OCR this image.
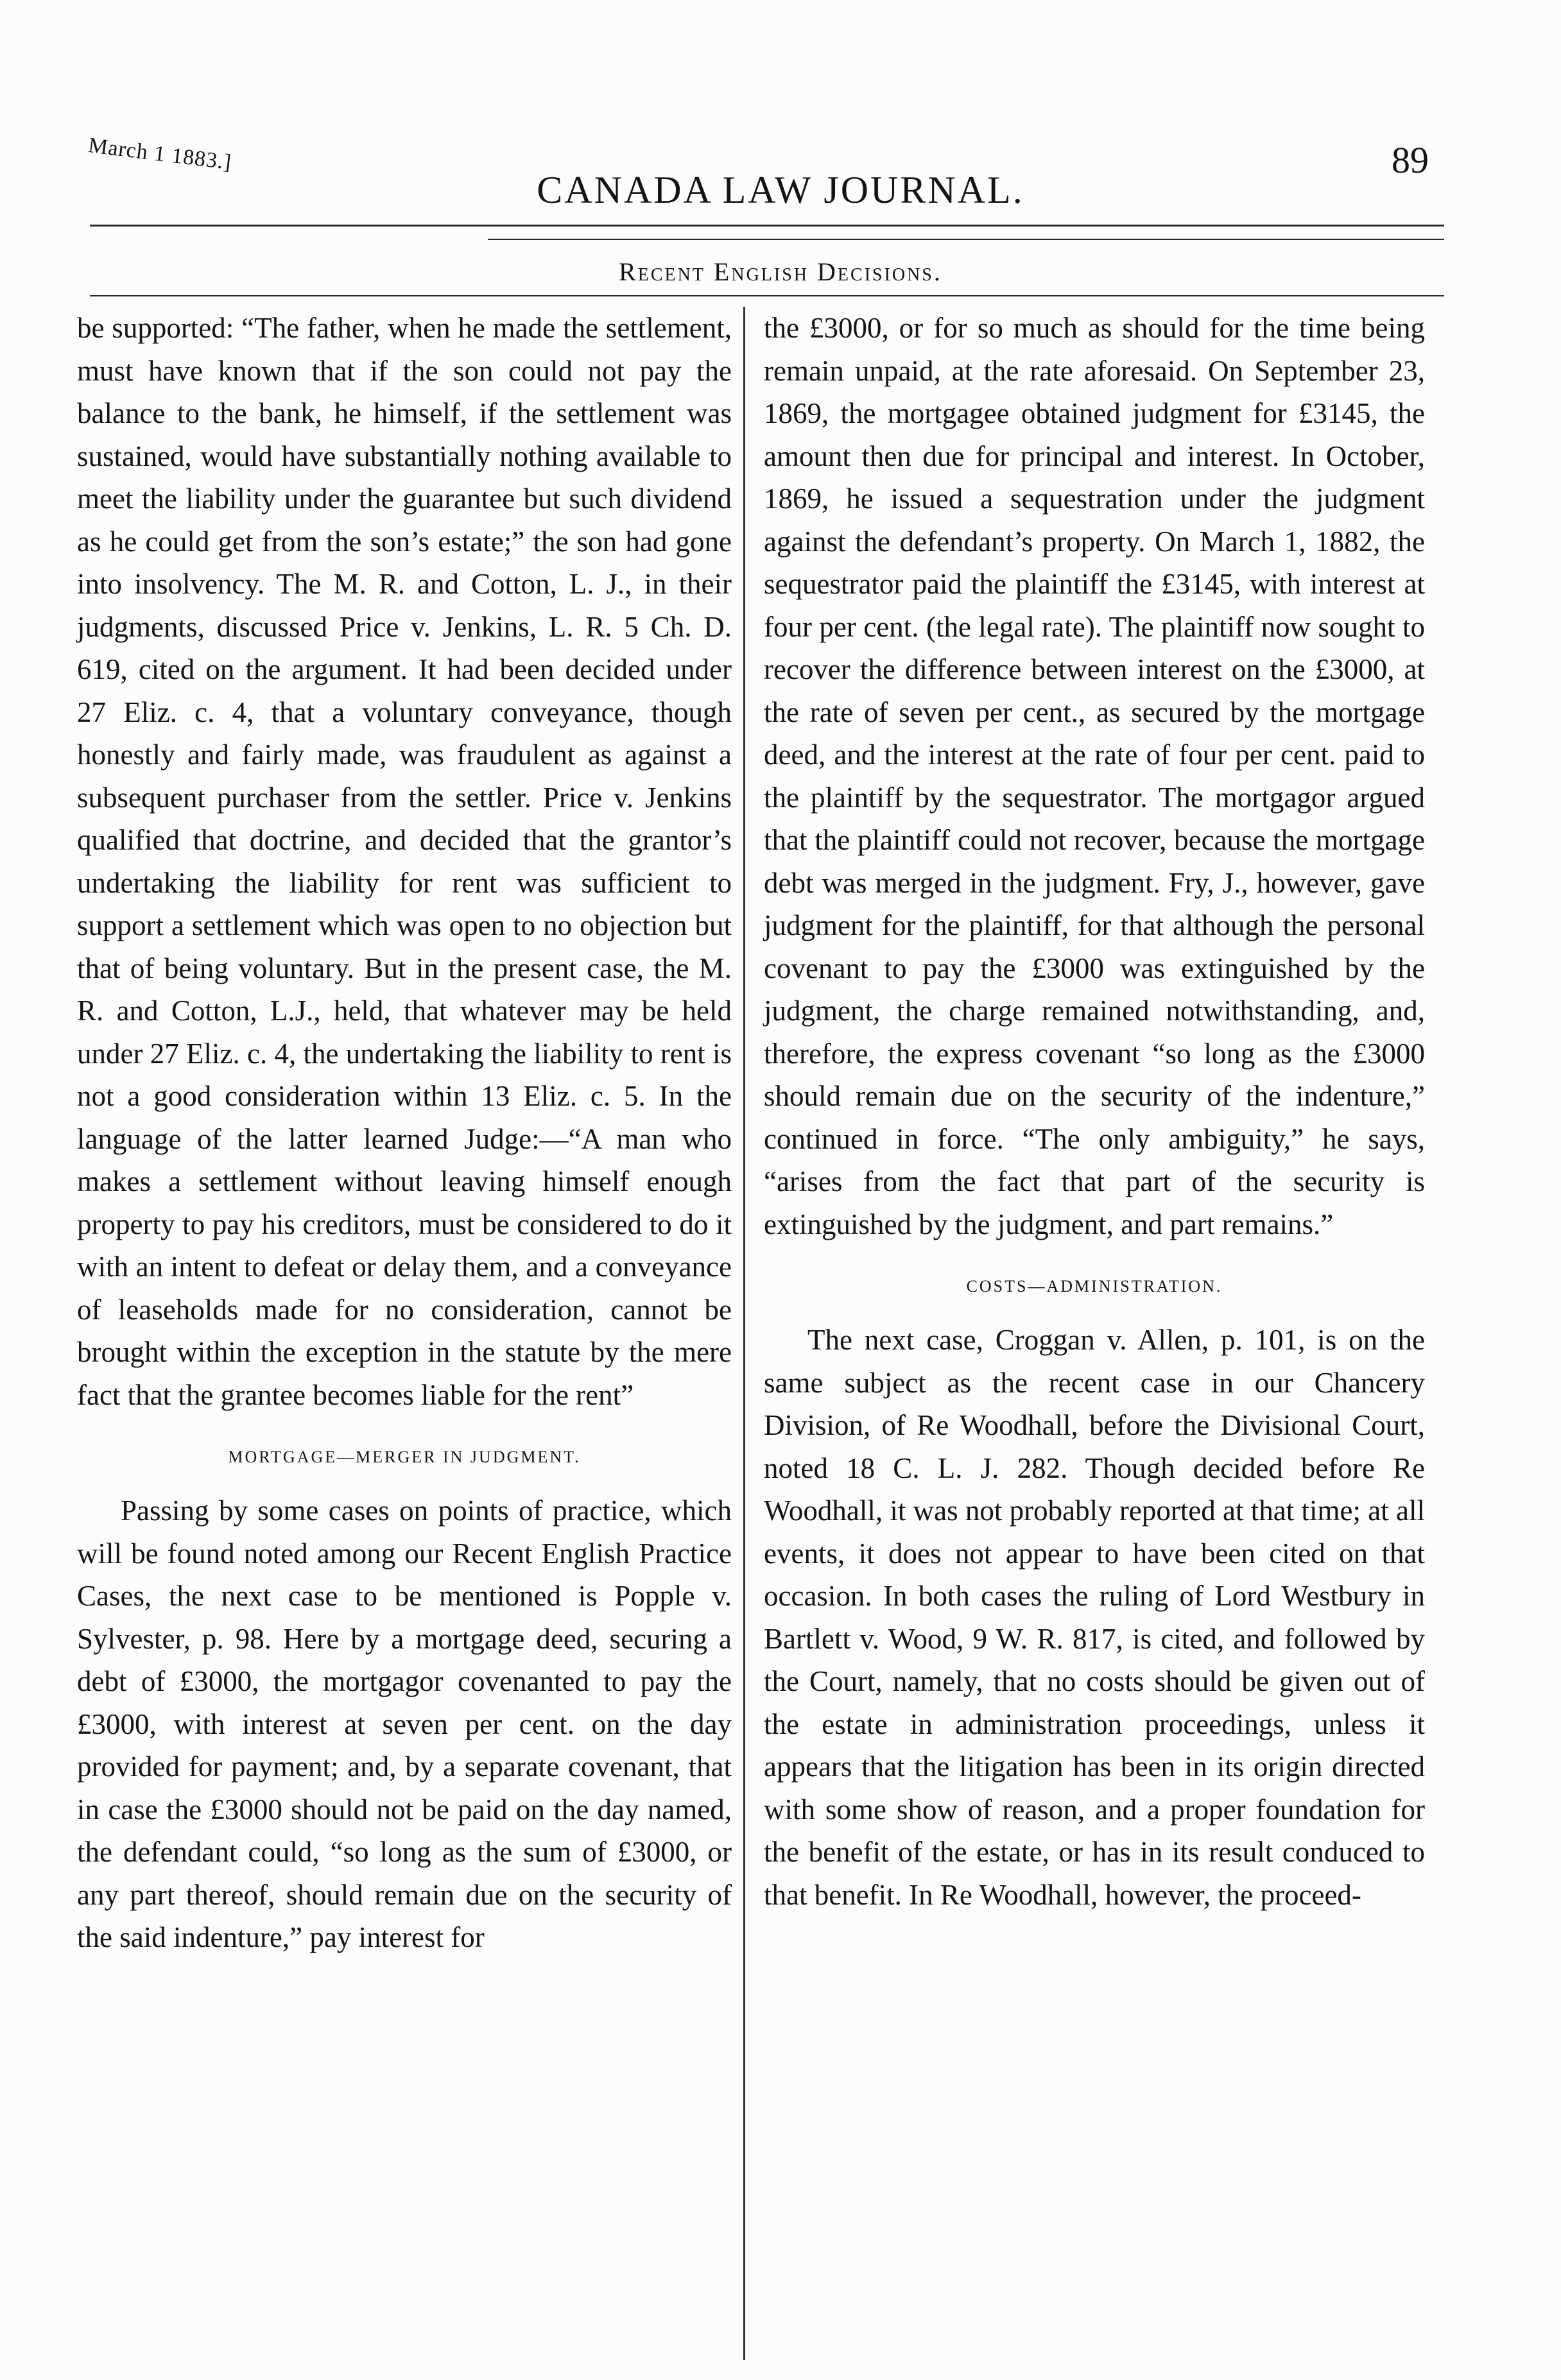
March 1 1883.]
CANADA LAW JOURNAL.
89
Recent English Decisions.

be supported: “The father, when he made the settlement, must have known that if the son could not pay the balance to the bank, he himself, if the settlement was sustained, would have substantially nothing available to meet the liability under the guarantee but such dividend as he could get from the son’s estate;” the son had gone into insolvency. The M. R. and Cotton, L. J., in their judgments, discussed Price v. Jenkins, L. R. 5 Ch. D. 619, cited on the argument. It had been decided under 27 Eliz. c. 4, that a voluntary conveyance, though honestly and fairly made, was fraudulent as against a subsequent purchaser from the settler. Price v. Jenkins qualified that doctrine, and decided that the grantor’s undertaking the liability for rent was sufficient to support a settlement which was open to no objection but that of being voluntary. But in the present case, the M. R. and Cotton, L.J., held, that whatever may be held under 27 Eliz. c. 4, the undertaking the liability to rent is not a good consideration within 13 Eliz. c. 5. In the language of the latter learned Judge:—“A man who makes a settlement without leaving himself enough property to pay his creditors, must be considered to do it with an intent to defeat or delay them, and a conveyance of leaseholds made for no consideration, cannot be brought within the exception in the statute by the mere fact that the grantee becomes liable for the rent”

MORTGAGE—MERGER IN JUDGMENT.

Passing by some cases on points of practice, which will be found noted among our Recent English Practice Cases, the next case to be mentioned is Popple v. Sylvester, p. 98. Here by a mortgage deed, securing a debt of £3000, the mortgagor covenanted to pay the £3000, with interest at seven per cent. on the day provided for payment; and, by a separate covenant, that in case the £3000 should not be paid on the day named, the defendant could, “so long as the sum of £3000, or any part thereof, should remain due on the security of the said indenture,” pay interest for

the £3000, or for so much as should for the time being remain unpaid, at the rate aforesaid. On September 23, 1869, the mortgagee obtained judgment for £3145, the amount then due for principal and interest. In October, 1869, he issued a sequestration under the judgment against the defendant’s property. On March 1, 1882, the sequestrator paid the plaintiff the £3145, with interest at four per cent. (the legal rate). The plaintiff now sought to recover the difference between interest on the £3000, at the rate of seven per cent., as secured by the mortgage deed, and the interest at the rate of four per cent. paid to the plaintiff by the sequestrator. The mortgagor argued that the plaintiff could not recover, because the mortgage debt was merged in the judgment. Fry, J., however, gave judgment for the plaintiff, for that although the personal covenant to pay the £3000 was extinguished by the judgment, the charge remained notwithstanding, and, therefore, the express covenant “so long as the £3000 should remain due on the security of the indenture,” continued in force. “The only ambiguity,” he says, “arises from the fact that part of the security is extinguished by the judgment, and part remains.”

COSTS—ADMINISTRATION.

The next case, Croggan v. Allen, p. 101, is on the same subject as the recent case in our Chancery Division, of Re Woodhall, before the Divisional Court, noted 18 C. L. J. 282. Though decided before Re Woodhall, it was not probably reported at that time; at all events, it does not appear to have been cited on that occasion. In both cases the ruling of Lord Westbury in Bartlett v. Wood, 9 W. R. 817, is cited, and followed by the Court, namely, that no costs should be given out of the estate in administration proceedings, unless it appears that the litigation has been in its origin directed with some show of reason, and a proper foundation for the benefit of the estate, or has in its result conduced to that benefit. In Re Woodhall, however, the proceed-
